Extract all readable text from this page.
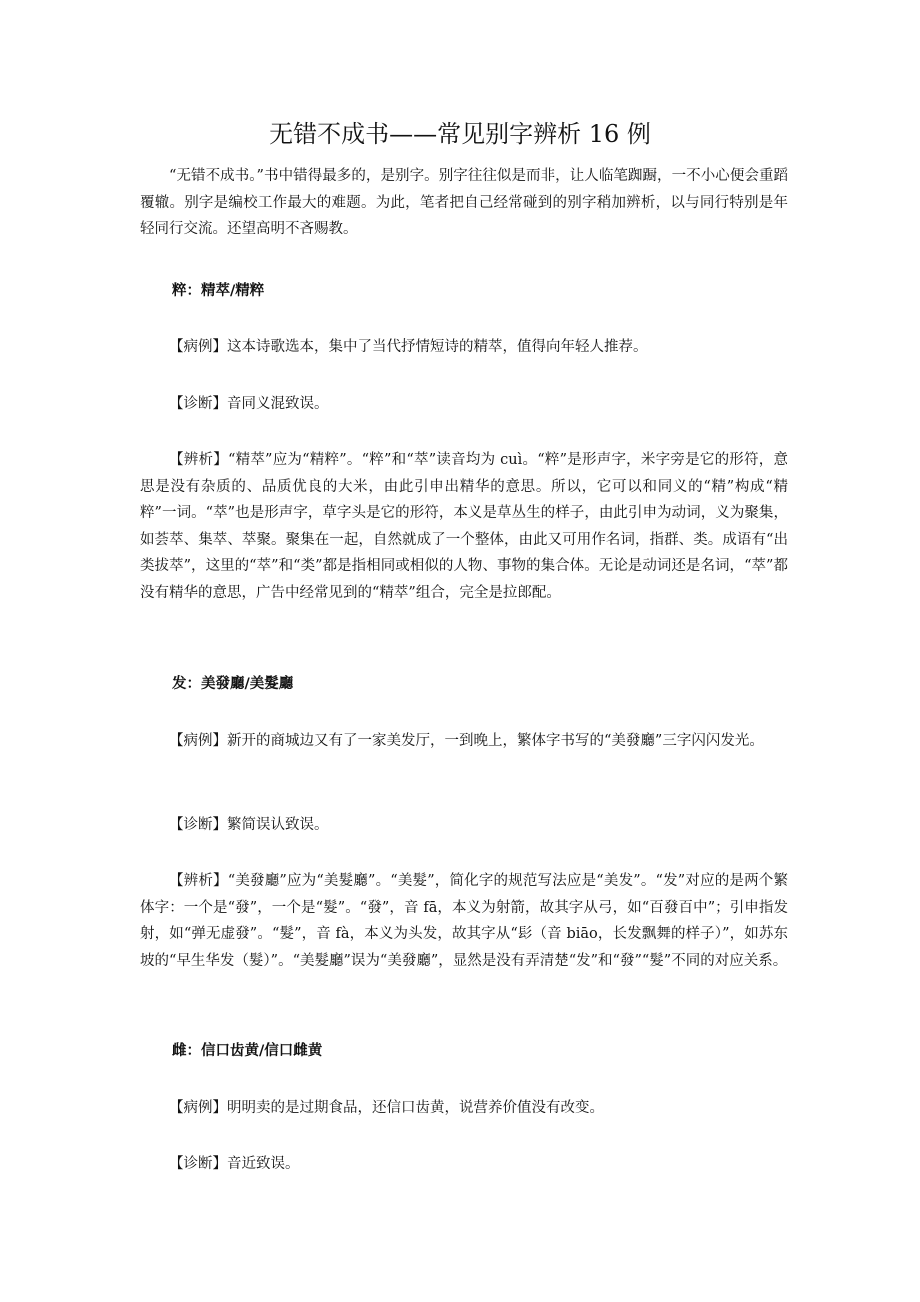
无错不成书——常见别字辨析 16 例

“无错不成书。”书中错得最多的，是别字。别字往往似是而非，让人临笔踟蹰，一不小心便会重蹈覆辙。别字是编校工作最大的难题。为此，笔者把自己经常碰到的别字稍加辨析，以与同行特别是年轻同行交流。还望高明不吝赐教。

粹：精萃/精粹

【病例】这本诗歌选本，集中了当代抒情短诗的精萃，值得向年轻人推荐。

【诊断】音同义混致误。

【辨析】“精萃”应为“精粹”。“粹”和“萃”读音均为 cuì。“粹”是形声字，米字旁是它的形符，意思是没有杂质的、品质优良的大米，由此引申出精华的意思。所以，它可以和同义的“精”构成“精粹”一词。“萃”也是形声字，草字头是它的形符，本义是草丛生的样子，由此引申为动词，义为聚集，如荟萃、集萃、萃聚。聚集在一起，自然就成了一个整体，由此又可用作名词，指群、类。成语有“出类拔萃”，这里的“萃”和“类”都是指相同或相似的人物、事物的集合体。无论是动词还是名词，“萃”都没有精华的意思，广告中经常见到的“精萃”组合，完全是拉郎配。

发：美發廳/美髮廳

【病例】新开的商城边又有了一家美发厅，一到晚上，繁体字书写的“美發廳”三字闪闪发光。

【诊断】繁简误认致误。

【辨析】“美發廳”应为“美髮廳”。“美髮”，简化字的规范写法应是“美发”。“发”对应的是两个繁体字：一个是“發”，一个是“髮”。“發”，音 fā，本义为射箭，故其字从弓，如“百發百中”；引申指发射，如“弹无虚發”。“髮”，音 fà，本义为头发，故其字从“髟（音 biāo，长发飘舞的样子）”，如苏东坡的“早生华发（髮）”。“美髮廳”误为“美發廳”，显然是没有弄清楚“发”和“發”“髮”不同的对应关系。

雌：信口齿黄/信口雌黄

【病例】明明卖的是过期食品，还信口齿黄，说营养价值没有改变。

【诊断】音近致误。
